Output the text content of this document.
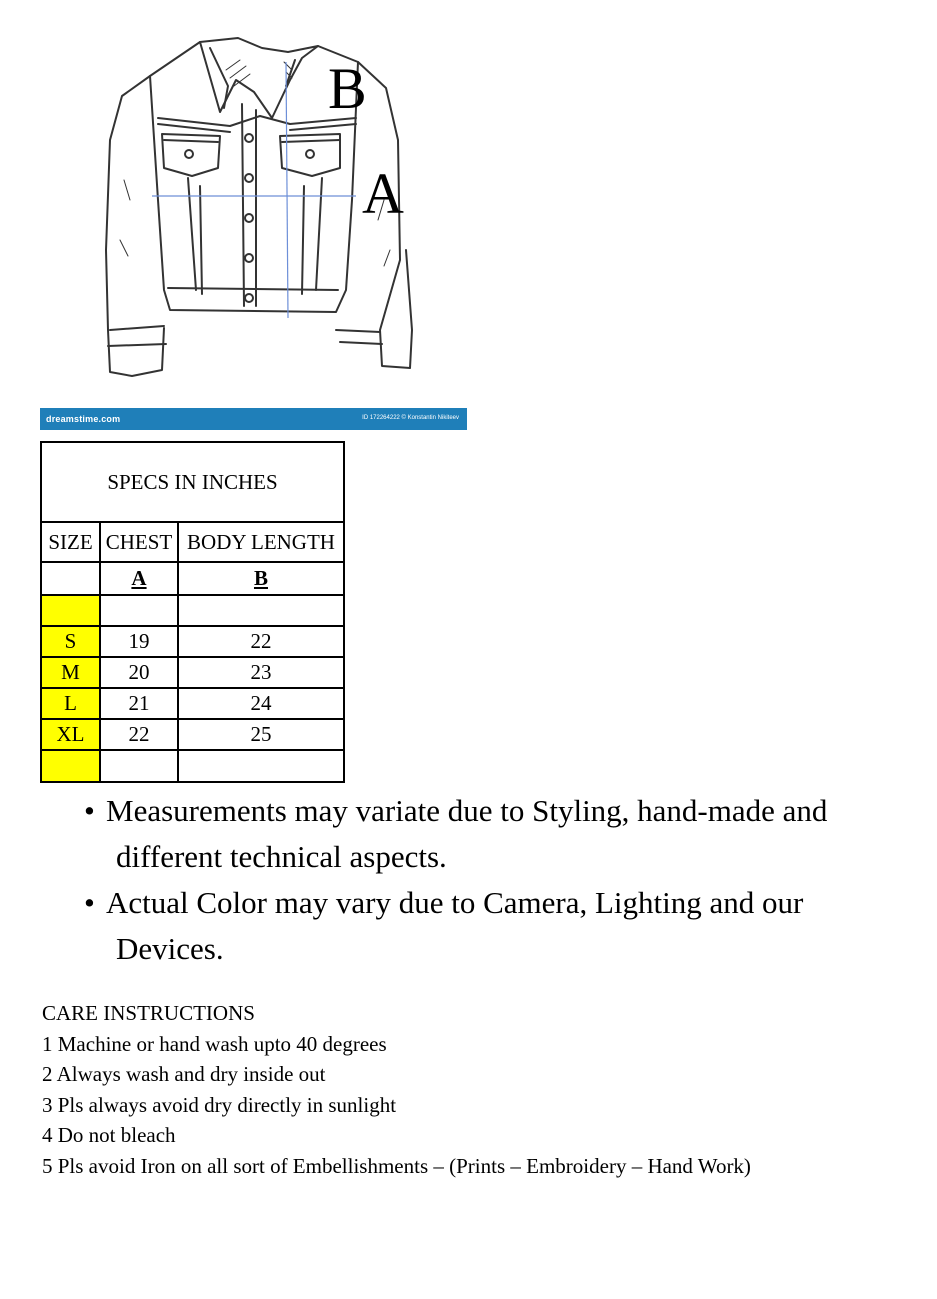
B
A
dreamstime.com	ID 172264222 © Konstantin Nikiteev
SPECS IN INCHES		
SIZE	CHEST	BODY LENGTH
	A	B

S	19	22
M	20	23
L	21	24
XL	22	25

• Measurements may variate due to Styling, hand-made and
different technical aspects.
• Actual Color may vary due to Camera, Lighting and our
Devices.
CARE INSTRUCTIONS
1 Machine or hand wash upto 40 degrees
2 Always wash and dry inside out
3 Pls always avoid dry directly in sunlight
4 Do not bleach
5 Pls avoid Iron on all sort of Embellishments – (Prints – Embroidery – Hand Work)
